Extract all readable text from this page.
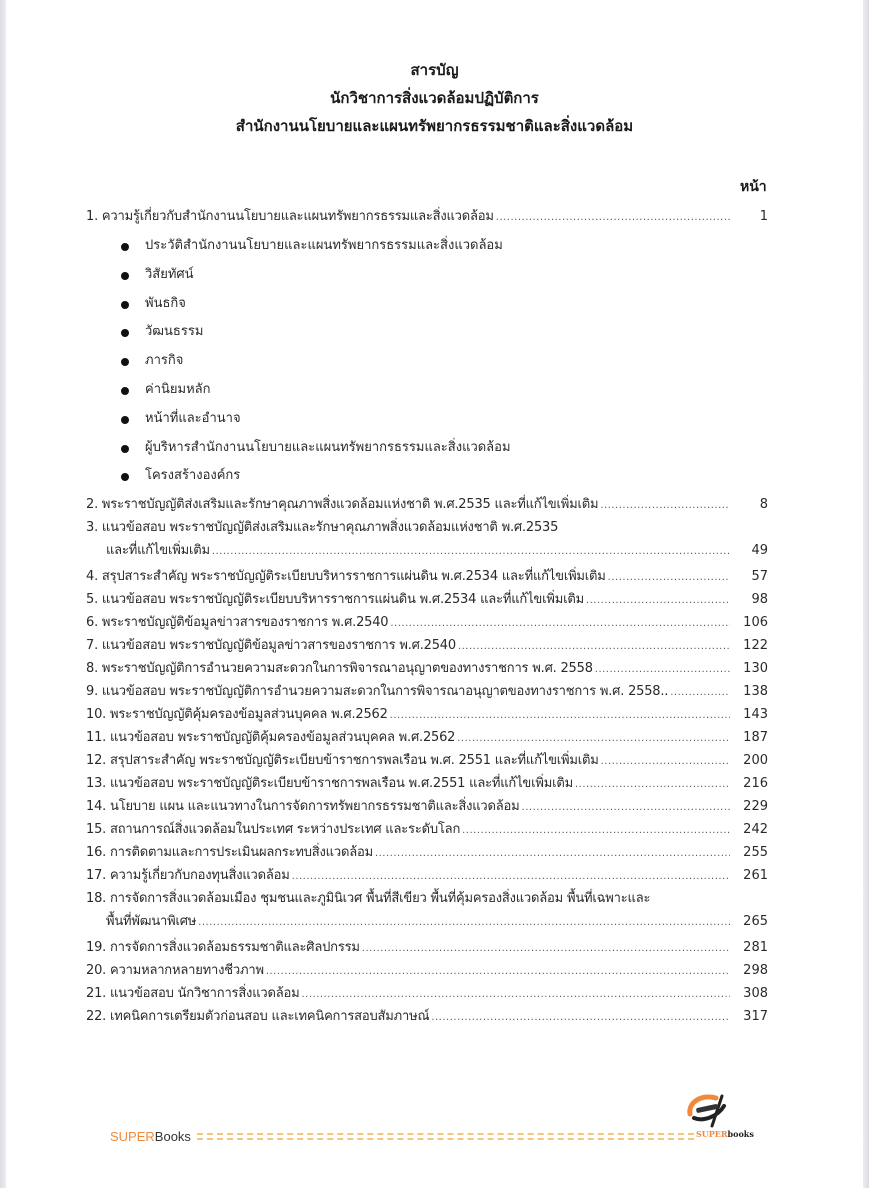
สารบัญ
นักวิชาการสิ่งแวดล้อมปฏิบัติการ
สำนักงานนโยบายและแผนทรัพยากรธรรมชาติและสิ่งแวดล้อม
หน้า
1. ความรู้เกี่ยวกับสำนักงานนโยบายและแผนทรัพยากรธรรมและสิ่งแวดล้อม .....	1
ประวัติสำนักงานนโยบายและแผนทรัพยากรธรรมและสิ่งแวดล้อม
วิสัยทัศน์
พันธกิจ
วัฒนธรรม
ภารกิจ
ค่านิยมหลัก
หน้าที่และอำนาจ
ผู้บริหารสำนักงานนโยบายและแผนทรัพยากรธรรมและสิ่งแวดล้อม
โครงสร้างองค์กร
2. พระราชบัญญัติส่งเสริมและรักษาคุณภาพสิ่งแวดล้อมแห่งชาติ พ.ศ.2535 และที่แก้ไขเพิ่มเติม .....	8
3. แนวข้อสอบ พระราชบัญญัติส่งเสริมและรักษาคุณภาพสิ่งแวดล้อมแห่งชาติ พ.ศ.2535
และที่แก้ไขเพิ่มเติม .....	49
4. สรุปสาระสำคัญ พระราชบัญญัติระเบียบบริหารราชการแผ่นดิน พ.ศ.2534 และที่แก้ไขเพิ่มเติม .....	57
5. แนวข้อสอบ พระราชบัญญัติระเบียบบริหารราชการแผ่นดิน พ.ศ.2534 และที่แก้ไขเพิ่มเติม .....	98
6. พระราชบัญญัติข้อมูลข่าวสารของราชการ พ.ศ.2540 .....	106
7. แนวข้อสอบ พระราชบัญญัติข้อมูลข่าวสารของราชการ พ.ศ.2540 .....	122
8. พระราชบัญญัติการอำนวยความสะดวกในการพิจารณาอนุญาตของทางราชการ พ.ศ. 2558 .....	130
9. แนวข้อสอบ พระราชบัญญัติการอำนวยความสะดวกในการพิจารณาอนุญาตของทางราชการ พ.ศ. 2558.. .....	138
10. พระราชบัญญัติคุ้มครองข้อมูลส่วนบุคคล พ.ศ.2562 .....	143
11. แนวข้อสอบ พระราชบัญญัติคุ้มครองข้อมูลส่วนบุคคล พ.ศ.2562 .....	187
12. สรุปสาระสำคัญ พระราชบัญญัติระเบียบข้าราชการพลเรือน พ.ศ. 2551 และที่แก้ไขเพิ่มเติม .....	200
13. แนวข้อสอบ พระราชบัญญัติระเบียบข้าราชการพลเรือน พ.ศ.2551 และที่แก้ไขเพิ่มเติม .....	216
14. นโยบาย แผน และแนวทางในการจัดการทรัพยากรธรรมชาติและสิ่งแวดล้อม .....	229
15. สถานการณ์สิ่งแวดล้อมในประเทศ ระหว่างประเทศ และระดับโลก .....	242
16. การติดตามและการประเมินผลกระทบสิ่งแวดล้อม .....	255
17. ความรู้เกี่ยวกับกองทุนสิ่งแวดล้อม .....	261
18. การจัดการสิ่งแวดล้อมเมือง ชุมชนและภูมินิเวศ พื้นที่สีเขียว พื้นที่คุ้มครองสิ่งแวดล้อม พื้นที่เฉพาะและ
พื้นที่พัฒนาพิเศษ .....	265
19. การจัดการสิ่งแวดล้อมธรรมชาติและศิลปกรรม .....	281
20. ความหลากหลายทางชีวภาพ .....	298
21. แนวข้อสอบ นักวิชาการสิ่งแวดล้อม .....	308
22. เทคนิคการเตรียมตัวก่อนสอบ และเทคนิคการสอบสัมภาษณ์ .....	317
SUPERbooks
SUPERBooks
